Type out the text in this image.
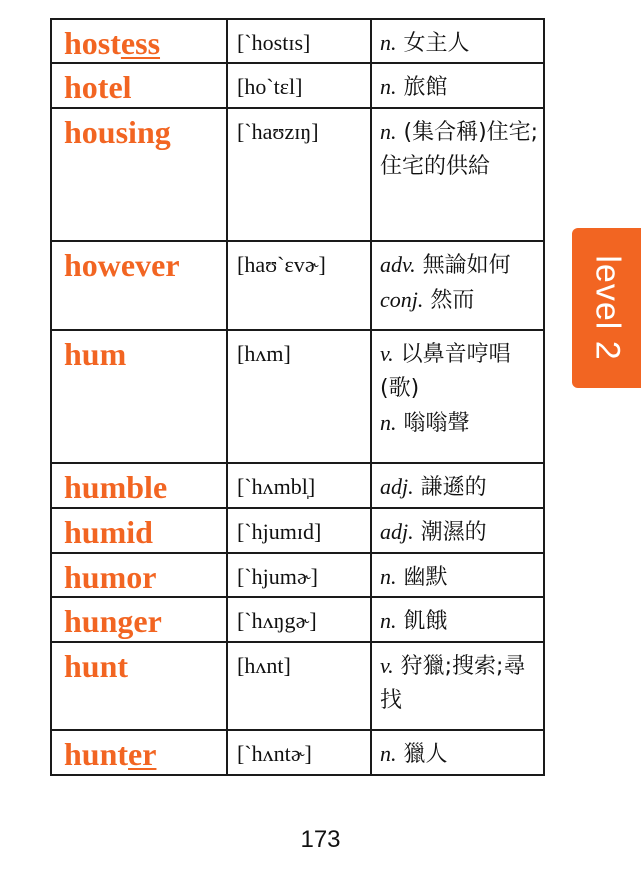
hostess	[ˋhostɪs]	n. 女主人

hotel	[hoˋtɛl]	n. 旅館

housing	[ˋhaʊzɪŋ]	n. (集合稱)住宅;住宅的供給

however	[haʊˋɛvɚ]	adv. 無論如何
conj. 然而

hum	[hʌm]	v. 以鼻音哼唱(歌)
n. 嗡嗡聲

humble	[ˋhʌmbl̩]	adj. 謙遜的

humid	[ˋhjumɪd]	adj. 潮濕的

humor	[ˋhjumɚ]	n. 幽默

hunger	[ˋhʌŋgɚ]	n. 飢餓

hunt	[hʌnt]	v. 狩獵;搜索;尋找

hunter	[ˋhʌntɚ]	n. 獵人
level 2
173
